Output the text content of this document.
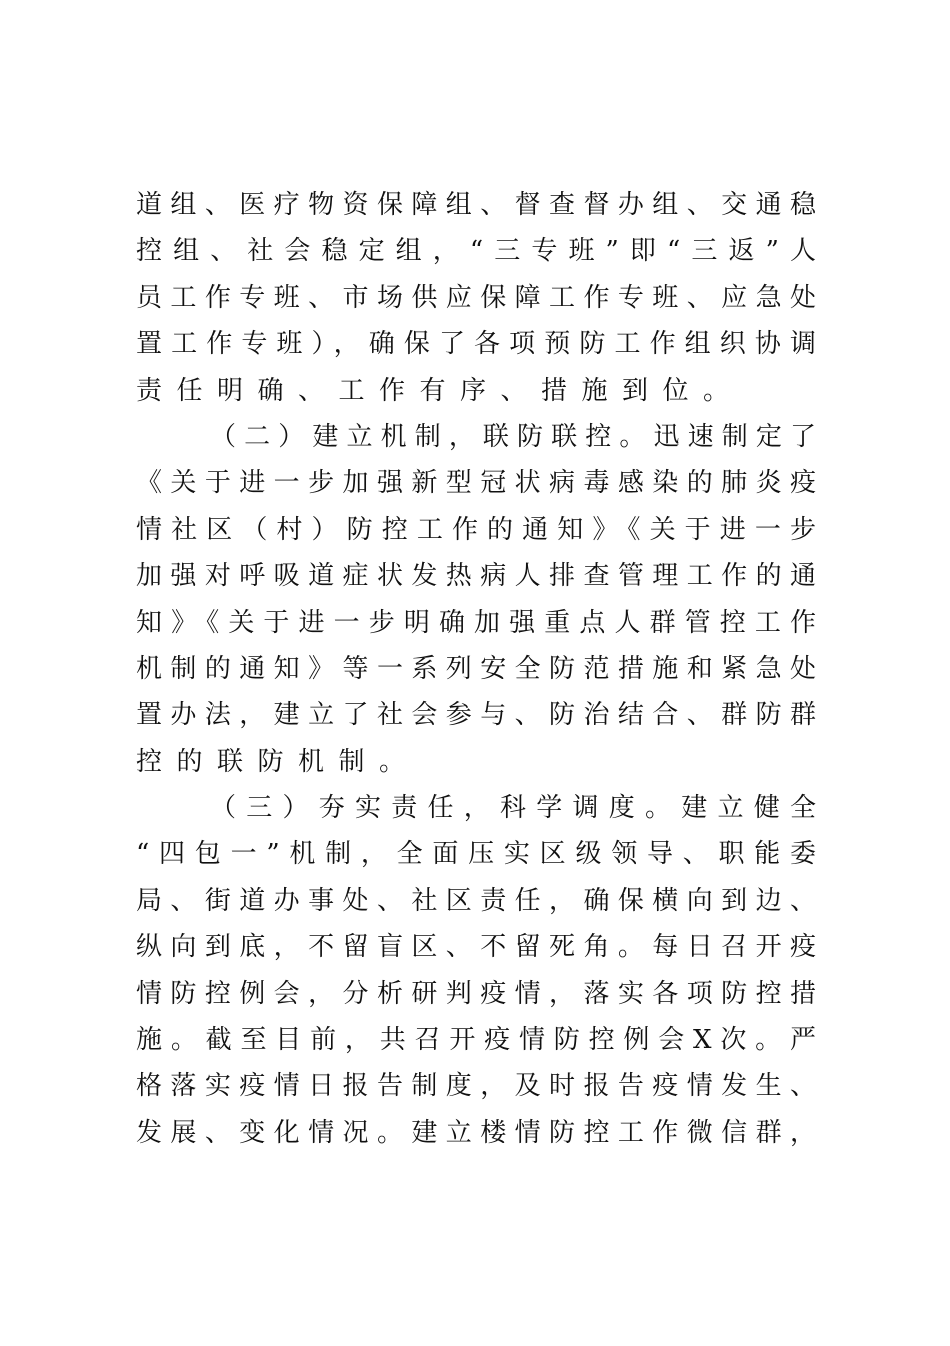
道组、医疗物资保障组、督查督办组、交通稳
控组、社会稳定组，“三专班”即“三返”人
员工作专班、市场供应保障工作专班、应急处
置工作专班），确保了各项预防工作组织协调
责任明确、工作有序、措施到位。
（二）建立机制，联防联控。迅速制定了
《关于进一步加强新型冠状病毒感染的肺炎疫
情社区（村）防控工作的通知》《关于进一步
加强对呼吸道症状发热病人排查管理工作的通
知》《关于进一步明确加强重点人群管控工作
机制的通知》等一系列安全防范措施和紧急处
置办法，建立了社会参与、防治结合、群防群
控的联防机制。
（三）夯实责任，科学调度。建立健全
“四包一”机制，全面压实区级领导、职能委
局、街道办事处、社区责任，确保横向到边、
纵向到底，不留盲区、不留死角。每日召开疫
情防控例会，分析研判疫情，落实各项防控措
施。截至目前，共召开疫情防控例会X次。严
格落实疫情日报告制度，及时报告疫情发生、
发展、变化情况。建立楼情防控工作微信群，
